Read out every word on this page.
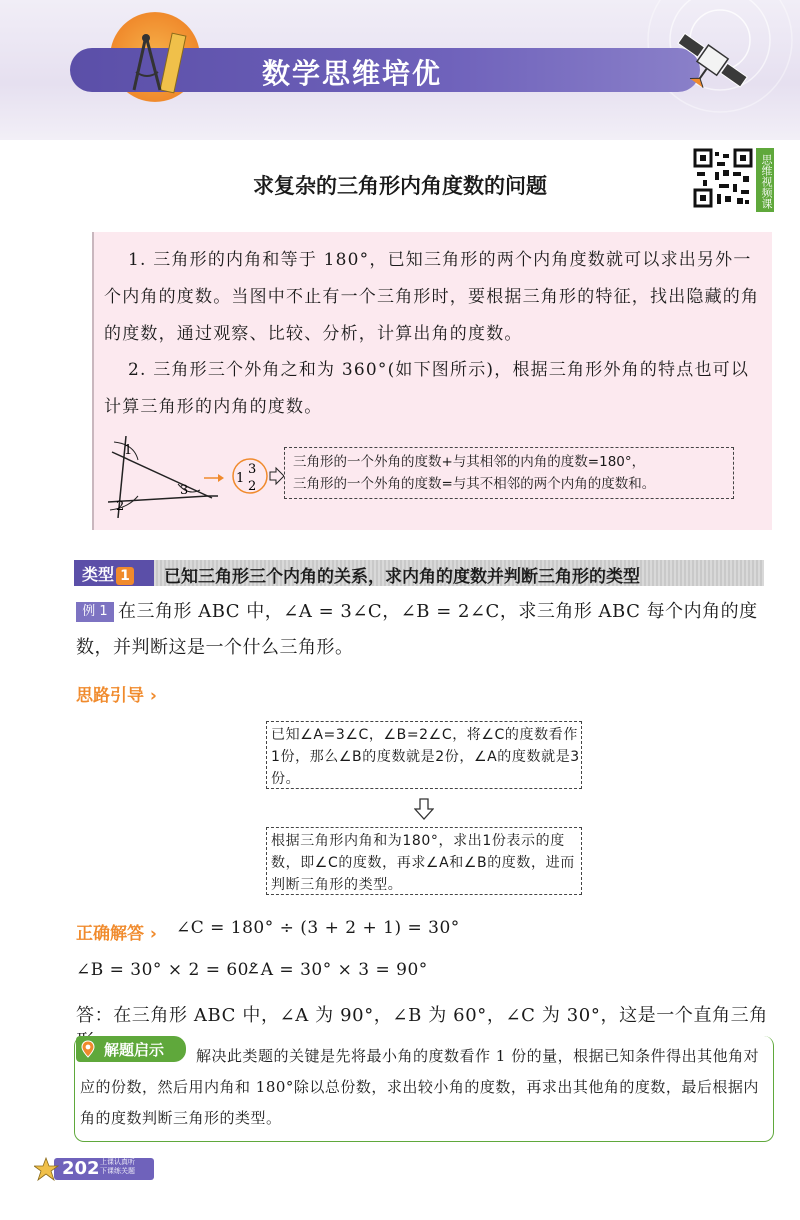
数学思维培优
思维视频课
求复杂的三角形内角度数的问题
1. 三角形的内角和等于 180°，已知三角形的两个内角度数就可以求出另外一个内角的度数。当图中不止有一个三角形时，要根据三角形的特征，找出隐藏的角的度数，通过观察、比较、分析，计算出角的度数。
2. 三角形三个外角之和为 360°(如下图所示)，根据三角形外角的特点也可以计算三角形的内角的度数。
1
2
3
1
3
2
三角形的一个外角的度数+与其相邻的内角的度数=180°，
三角形的一个外角的度数=与其不相邻的两个内角的度数和。
类型 1	已知三角形三个内角的关系，求内角的度数并判断三角形的类型
例 1 在三角形 ABC 中，∠A = 3∠C，∠B = 2∠C，求三角形 ABC 每个内角的度数，并判断这是一个什么三角形。
思路引导 ›
已知∠A=3∠C，∠B=2∠C，将∠C的度数看作1份，那么∠B的度数就是2份，∠A的度数就是3份。
根据三角形内角和为180°，求出1份表示的度数，即∠C的度数，再求∠A和∠B的度数，进而判断三角形的类型。
正确解答 › ∠C = 180° ÷ (3 + 2 + 1) = 30°
∠B = 30° × 2 = 60°
∠A = 30° × 3 = 90°
答：在三角形 ABC 中，∠A 为 90°，∠B 为 60°，∠C 为 30°，这是一个直角三角
解决此类题的关键是先将最小角的度数看作 1 份的量，根据已知条件得出其他角对应的份数，然后用内角和 180°除以总份数，求出较小角的度数，再求出其他角的度数，最后根据内角的度数判断三角形的类型。
解题启示
202 上课认真听
下课练关题
